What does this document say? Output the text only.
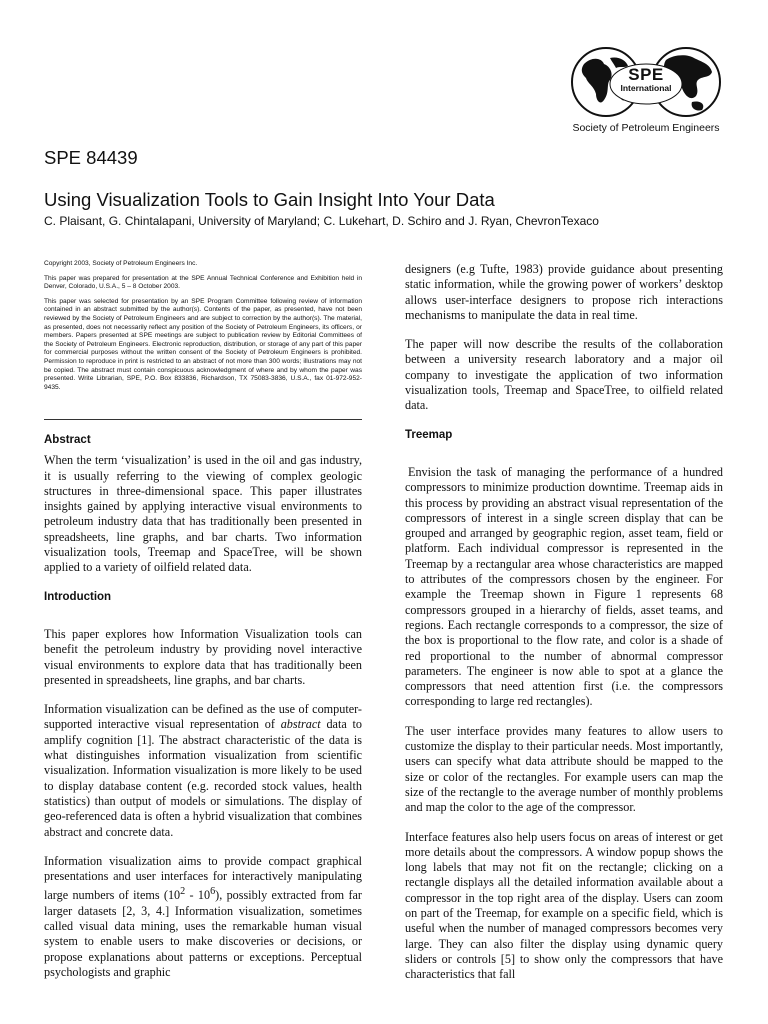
SPE
International
Society of Petroleum Engineers
SPE 84439
Using Visualization Tools to Gain Insight Into Your Data
C. Plaisant, G. Chintalapani, University of Maryland; C. Lukehart, D. Schiro and J. Ryan, ChevronTexaco

Copyright 2003, Society of Petroleum Engineers Inc.

This paper was prepared for presentation at the SPE Annual Technical Conference and Exhibition held in Denver, Colorado, U.S.A., 5 – 8 October 2003.

This paper was selected for presentation by an SPE Program Committee following review of information contained in an abstract submitted by the author(s). Contents of the paper, as presented, have not been reviewed by the Society of Petroleum Engineers and are subject to correction by the author(s). The material, as presented, does not necessarily reflect any position of the Society of Petroleum Engineers, its officers, or members. Papers presented at SPE meetings are subject to publication review by Editorial Committees of the Society of Petroleum Engineers. Electronic reproduction, distribution, or storage of any part of this paper for commercial purposes without the written consent of the Society of Petroleum Engineers is prohibited. Permission to reproduce in print is restricted to an abstract of not more than 300 words; illustrations may not be copied. The abstract must contain conspicuous acknowledgment of where and by whom the paper was presented. Write Librarian, SPE, P.O. Box 833836, Richardson, TX 75083-3836, U.S.A., fax 01-972-952-9435.

Abstract

When the term ‘visualization’ is used in the oil and gas industry, it is usually referring to the viewing of complex geologic structures in three-dimensional space. This paper illustrates insights gained by applying interactive visual environments to petroleum industry data that has traditionally been presented in spreadsheets, line graphs, and bar charts. Two information visualization tools, Treemap and SpaceTree, will be shown applied to a variety of oilfield related data.

Introduction

This paper explores how Information Visualization tools can benefit the petroleum industry by providing novel interactive visual environments to explore data that has traditionally been presented in spreadsheets, line graphs, and bar charts.

Information visualization can be defined as the use of computer-supported interactive visual representation of abstract data to amplify cognition [1]. The abstract characteristic of the data is what distinguishes information visualization from scientific visualization. Information visualization is more likely to be used to display database content (e.g. recorded stock values, health statistics) than output of models or simulations. The display of geo-referenced data is often a hybrid visualization that combines abstract and concrete data.

Information visualization aims to provide compact graphical presentations and user interfaces for interactively manipulating large numbers of items $(10^2 - 10^6)$, possibly extracted from far larger datasets [2, 3, 4.] Information visualization, sometimes called visual data mining, uses the remarkable human visual system to enable users to make discoveries or decisions, or propose explanations about patterns or exceptions. Perceptual psychologists and graphic

designers (e.g Tufte, 1983) provide guidance about presenting static information, while the growing power of workers’ desktop allows user-interface designers to propose rich interactions mechanisms to manipulate the data in real time.

The paper will now describe the results of the collaboration between a university research laboratory and a major oil company to investigate the application of two information visualization tools, Treemap and SpaceTree, to oilfield related data.

Treemap

Envision the task of managing the performance of a hundred compressors to minimize production downtime. Treemap aids in this process by providing an abstract visual representation of the compressors of interest in a single screen display that can be grouped and arranged by geographic region, asset team, field or platform. Each individual compressor is represented in the Treemap by a rectangular area whose characteristics are mapped to attributes of the compressors chosen by the engineer. For example the Treemap shown in Figure 1 represents 68 compressors grouped in a hierarchy of fields, asset teams, and regions. Each rectangle corresponds to a compressor, the size of the box is proportional to the flow rate, and color is a shade of red proportional to the number of abnormal compressor parameters. The engineer is now able to spot at a glance the compressors that need attention first (i.e. the compressors corresponding to large red rectangles).

The user interface provides many features to allow users to customize the display to their particular needs. Most importantly, users can specify what data attribute should be mapped to the size or color of the rectangles. For example users can map the size of the rectangle to the average number of monthly problems and map the color to the age of the compressor.

Interface features also help users focus on areas of interest or get more details about the compressors. A window popup shows the long labels that may not fit on the rectangle; clicking on a rectangle displays all the detailed information available about a compressor in the top right area of the display. Users can zoom on part of the Treemap, for example on a specific field, which is useful when the number of managed compressors becomes very large. They can also filter the display using dynamic query sliders or controls [5] to show only the compressors that have characteristics that fall
